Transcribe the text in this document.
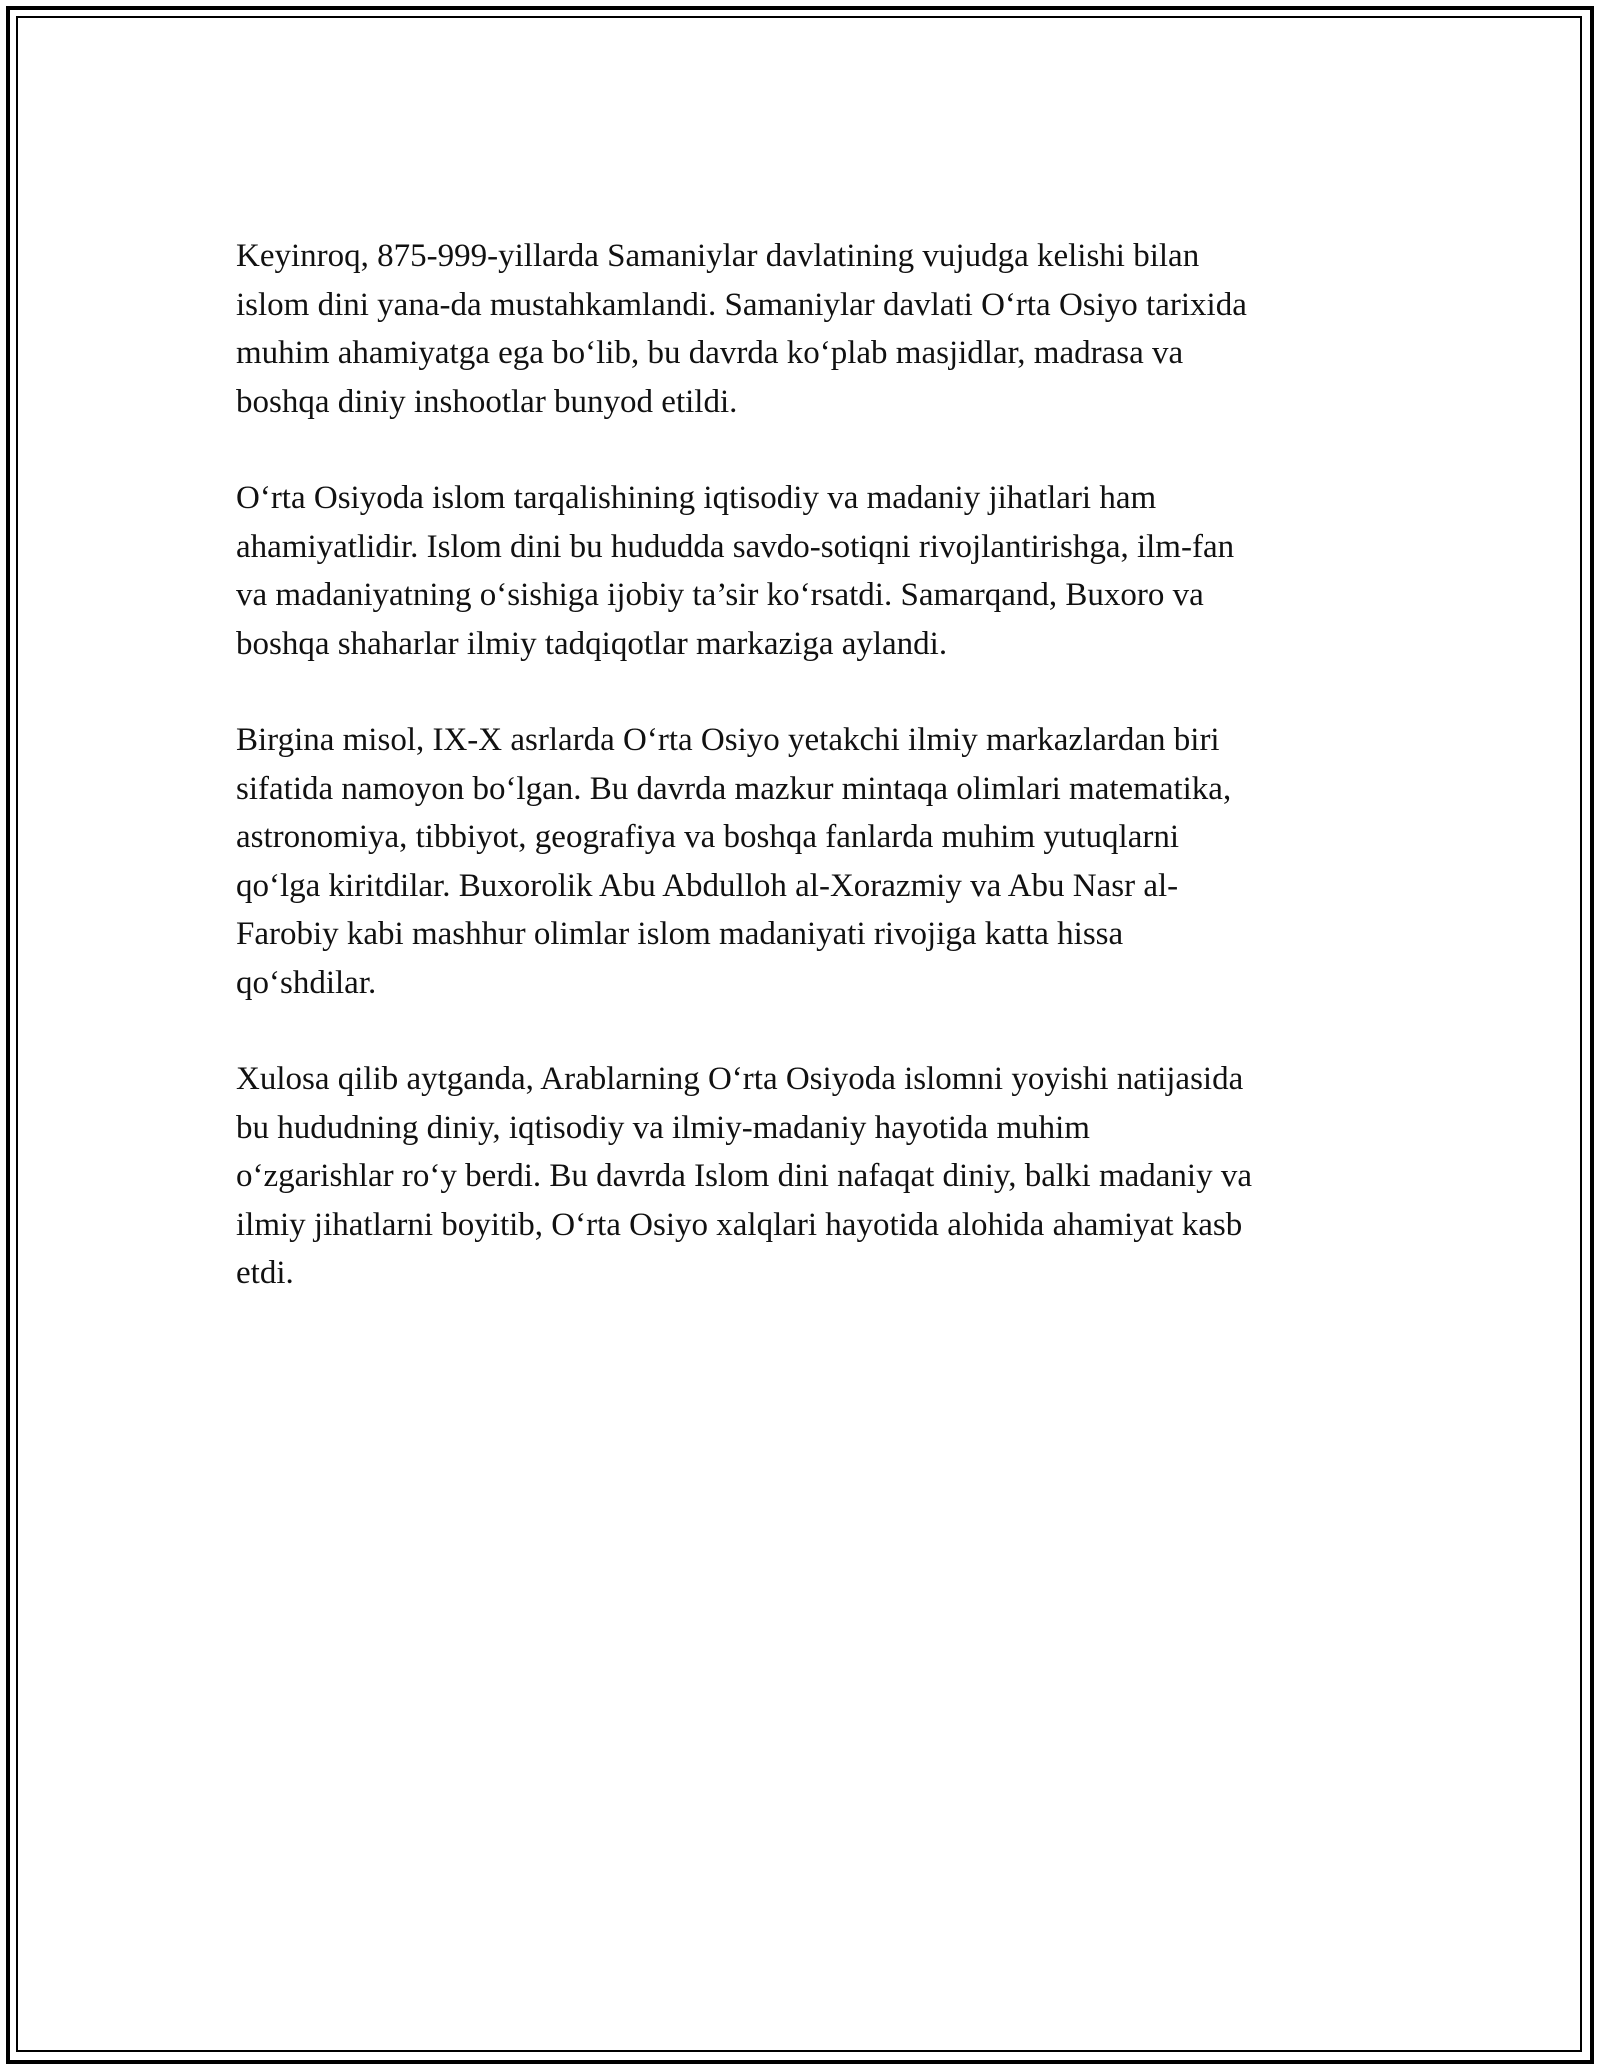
Keyinroq, 875-999-yillarda Samaniylar davlatining vujudga kelishi bilan
islom dini yana-da mustahkamlandi. Samaniylar davlati O‘rta Osiyo tarixida
muhim ahamiyatga ega bo‘lib, bu davrda ko‘plab masjidlar, madrasa va
boshqa diniy inshootlar bunyod etildi.

O‘rta Osiyoda islom tarqalishining iqtisodiy va madaniy jihatlari ham
ahamiyatlidir. Islom dini bu hududda savdo-sotiqni rivojlantirishga, ilm-fan
va madaniyatning o‘sishiga ijobiy ta’sir ko‘rsatdi. Samarqand, Buxoro va
boshqa shaharlar ilmiy tadqiqotlar markaziga aylandi.

Birgina misol, IX-X asrlarda O‘rta Osiyo yetakchi ilmiy markazlardan biri
sifatida namoyon bo‘lgan. Bu davrda mazkur mintaqa olimlari matematika,
astronomiya, tibbiyot, geografiya va boshqa fanlarda muhim yutuqlarni
qo‘lga kiritdilar. Buxorolik Abu Abdulloh al-Xorazmiy va Abu Nasr al-
Farobiy kabi mashhur olimlar islom madaniyati rivojiga katta hissa
qo‘shdilar.

Xulosa qilib aytganda, Arablarning O‘rta Osiyoda islomni yoyishi natijasida
bu hududning diniy, iqtisodiy va ilmiy-madaniy hayotida muhim
o‘zgarishlar ro‘y berdi. Bu davrda Islom dini nafaqat diniy, balki madaniy va
ilmiy jihatlarni boyitib, O‘rta Osiyo xalqlari hayotida alohida ahamiyat kasb
etdi.
